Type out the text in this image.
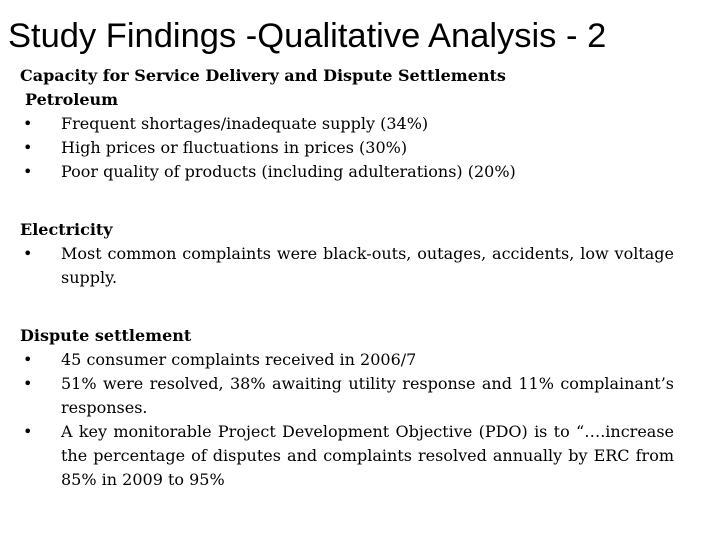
Study Findings -Qualitative Analysis - 2
Capacity for Service Delivery and Dispute Settlements
Petroleum
• Frequent shortages/inadequate supply (34%)
• High prices or fluctuations in prices (30%)
• Poor quality of products (including adulterations) (20%)
Electricity
• Most common complaints were black-outs, outages, accidents, low voltage supply.
Dispute settlement
• 45 consumer complaints received in 2006/7
• 51% were resolved, 38% awaiting utility response and 11% complainant’s responses.
• A key monitorable Project Development Objective (PDO) is to “….increase the percentage of disputes and complaints resolved annually by ERC from 85% in 2009 to 95%
